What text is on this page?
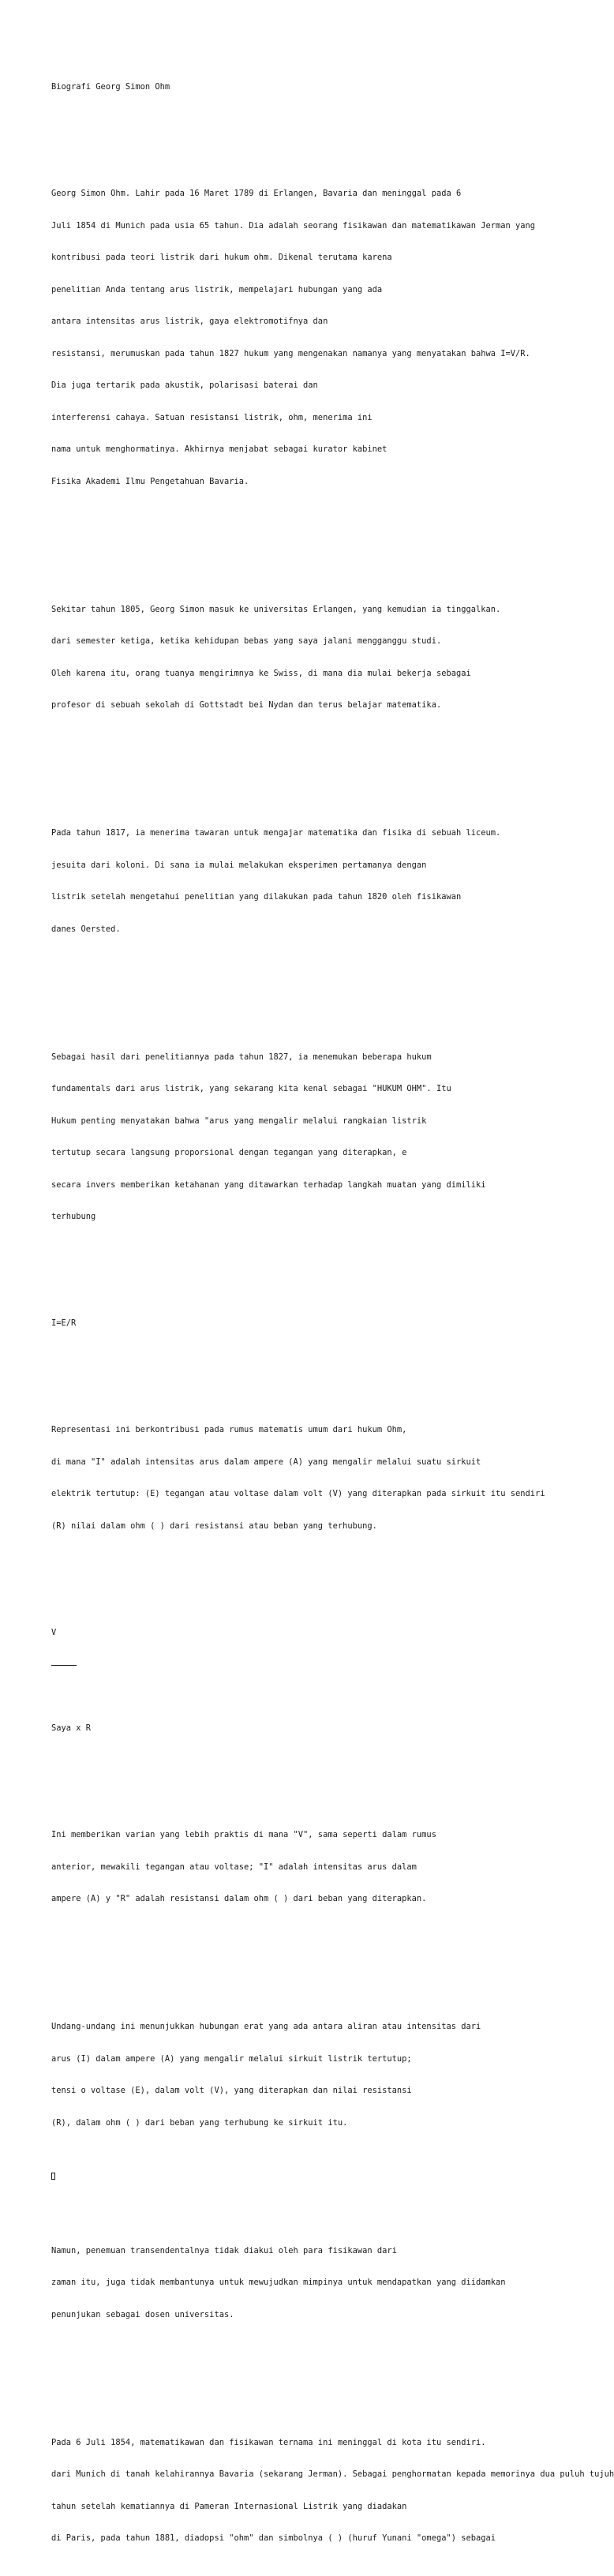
Biografi Georg Simon Ohm

Georg Simon Ohm. Lahir pada 16 Maret 1789 di Erlangen, Bavaria dan meninggal pada 6

Juli 1854 di Munich pada usia 65 tahun. Dia adalah seorang fisikawan dan matematikawan Jerman yang

kontribusi pada teori listrik dari hukum ohm. Dikenal terutama karena

penelitian Anda tentang arus listrik, mempelajari hubungan yang ada

antara intensitas arus listrik, gaya elektromotifnya dan

resistansi, merumuskan pada tahun 1827 hukum yang mengenakan namanya yang menyatakan bahwa I=V/R.

Dia juga tertarik pada akustik, polarisasi baterai dan

interferensi cahaya. Satuan resistansi listrik, ohm, menerima ini

nama untuk menghormatinya. Akhirnya menjabat sebagai kurator kabinet

Fisika Akademi Ilmu Pengetahuan Bavaria.

Sekitar tahun 1805, Georg Simon masuk ke universitas Erlangen, yang kemudian ia tinggalkan.

dari semester ketiga, ketika kehidupan bebas yang saya jalani mengganggu studi.

Oleh karena itu, orang tuanya mengirimnya ke Swiss, di mana dia mulai bekerja sebagai

profesor di sebuah sekolah di Gottstadt bei Nydan dan terus belajar matematika.

Pada tahun 1817, ia menerima tawaran untuk mengajar matematika dan fisika di sebuah liceum.

jesuita dari koloni. Di sana ia mulai melakukan eksperimen pertamanya dengan

listrik setelah mengetahui penelitian yang dilakukan pada tahun 1820 oleh fisikawan

danes Oersted.

Sebagai hasil dari penelitiannya pada tahun 1827, ia menemukan beberapa hukum

fundamentals dari arus listrik, yang sekarang kita kenal sebagai "HUKUM OHM". Itu

Hukum penting menyatakan bahwa "arus yang mengalir melalui rangkaian listrik

tertutup secara langsung proporsional dengan tegangan yang diterapkan, e

secara invers memberikan ketahanan yang ditawarkan terhadap langkah muatan yang dimiliki

terhubung

I=E/R

Representasi ini berkontribusi pada rumus matematis umum dari hukum Ohm,

di mana "I" adalah intensitas arus dalam ampere (A) yang mengalir melalui suatu sirkuit

elektrik tertutup: (E) tegangan atau voltase dalam volt (V) yang diterapkan pada sirkuit itu sendiri

(R) nilai dalam ohm ( ) dari resistansi atau beban yang terhubung.

V

Saya x R

Ini memberikan varian yang lebih praktis di mana "V", sama seperti dalam rumus

anterior, mewakili tegangan atau voltase; "I" adalah intensitas arus dalam

ampere (A) y "R" adalah resistansi dalam ohm ( ) dari beban yang diterapkan.

Undang-undang ini menunjukkan hubungan erat yang ada antara aliran atau intensitas dari

arus (I) dalam ampere (A) yang mengalir melalui sirkuit listrik tertutup;

tensi o voltase (E), dalam volt (V), yang diterapkan dan nilai resistansi

(R), dalam ohm ( ) dari beban yang terhubung ke sirkuit itu.

Namun, penemuan transendentalnya tidak diakui oleh para fisikawan dari

zaman itu, juga tidak membantunya untuk mewujudkan mimpinya untuk mendapatkan yang diidamkan

penunjukan sebagai dosen universitas.

Pada 6 Juli 1854, matematikawan dan fisikawan ternama ini meninggal di kota itu sendiri.

dari Munich di tanah kelahirannya Bavaria (sekarang Jerman). Sebagai penghormatan kepada memorinya dua puluh tujuh

tahun setelah kematiannya di Pameran Internasional Listrik yang diadakan

di Paris, pada tahun 1881, diadopsi "ohm" dan simbolnya ( ) (huruf Yunani "omega") sebagai
